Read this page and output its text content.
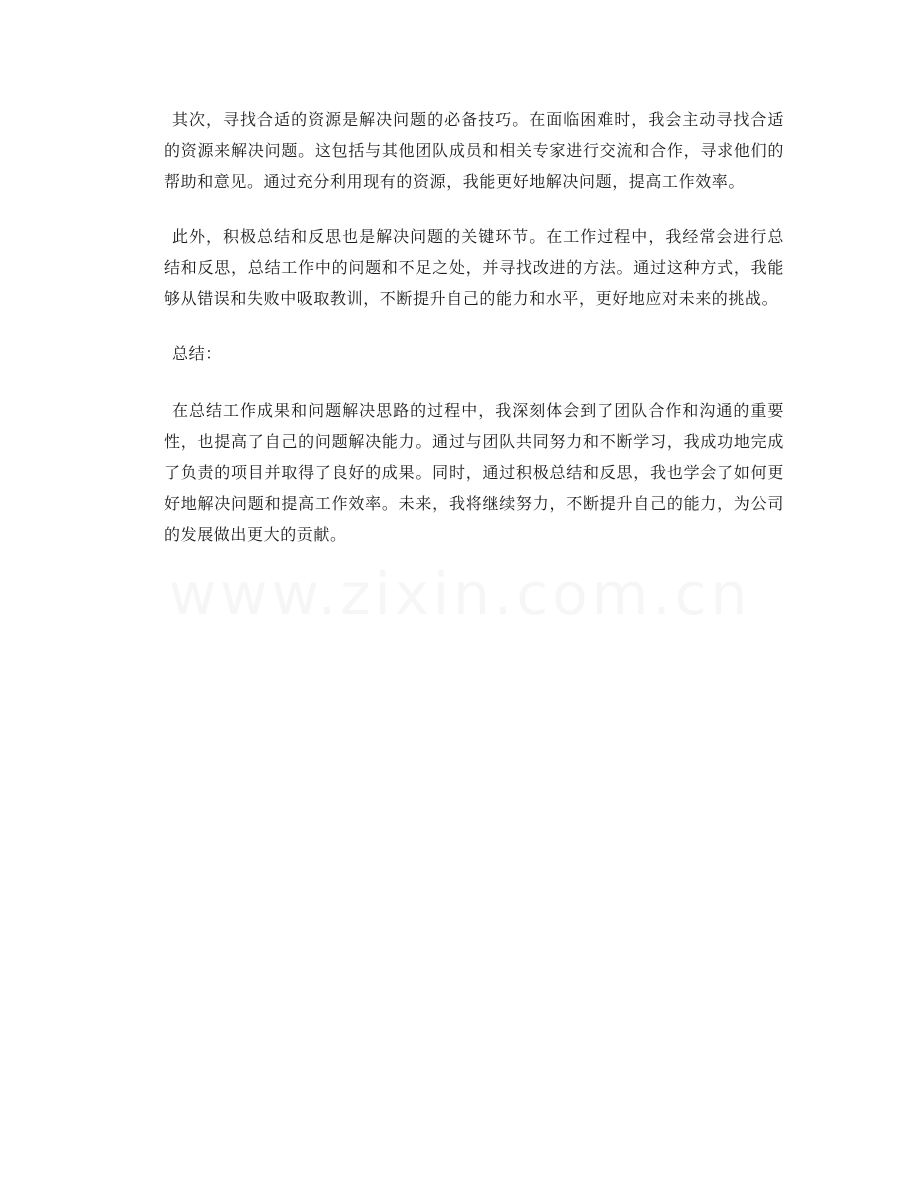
其次，寻找合适的资源是解决问题的必备技巧。在面临困难时，我会主动寻找合适的资源来解决问题。这包括与其他团队成员和相关专家进行交流和合作，寻求他们的帮助和意见。通过充分利用现有的资源，我能更好地解决问题，提高工作效率。

此外，积极总结和反思也是解决问题的关键环节。在工作过程中，我经常会进行总结和反思，总结工作中的问题和不足之处，并寻找改进的方法。通过这种方式，我能够从错误和失败中吸取教训，不断提升自己的能力和水平，更好地应对未来的挑战。

总结：

在总结工作成果和问题解决思路的过程中，我深刻体会到了团队合作和沟通的重要性，也提高了自己的问题解决能力。通过与团队共同努力和不断学习，我成功地完成了负责的项目并取得了良好的成果。同时，通过积极总结和反思，我也学会了如何更好地解决问题和提高工作效率。未来，我将继续努力，不断提升自己的能力，为公司的发展做出更大的贡献。
